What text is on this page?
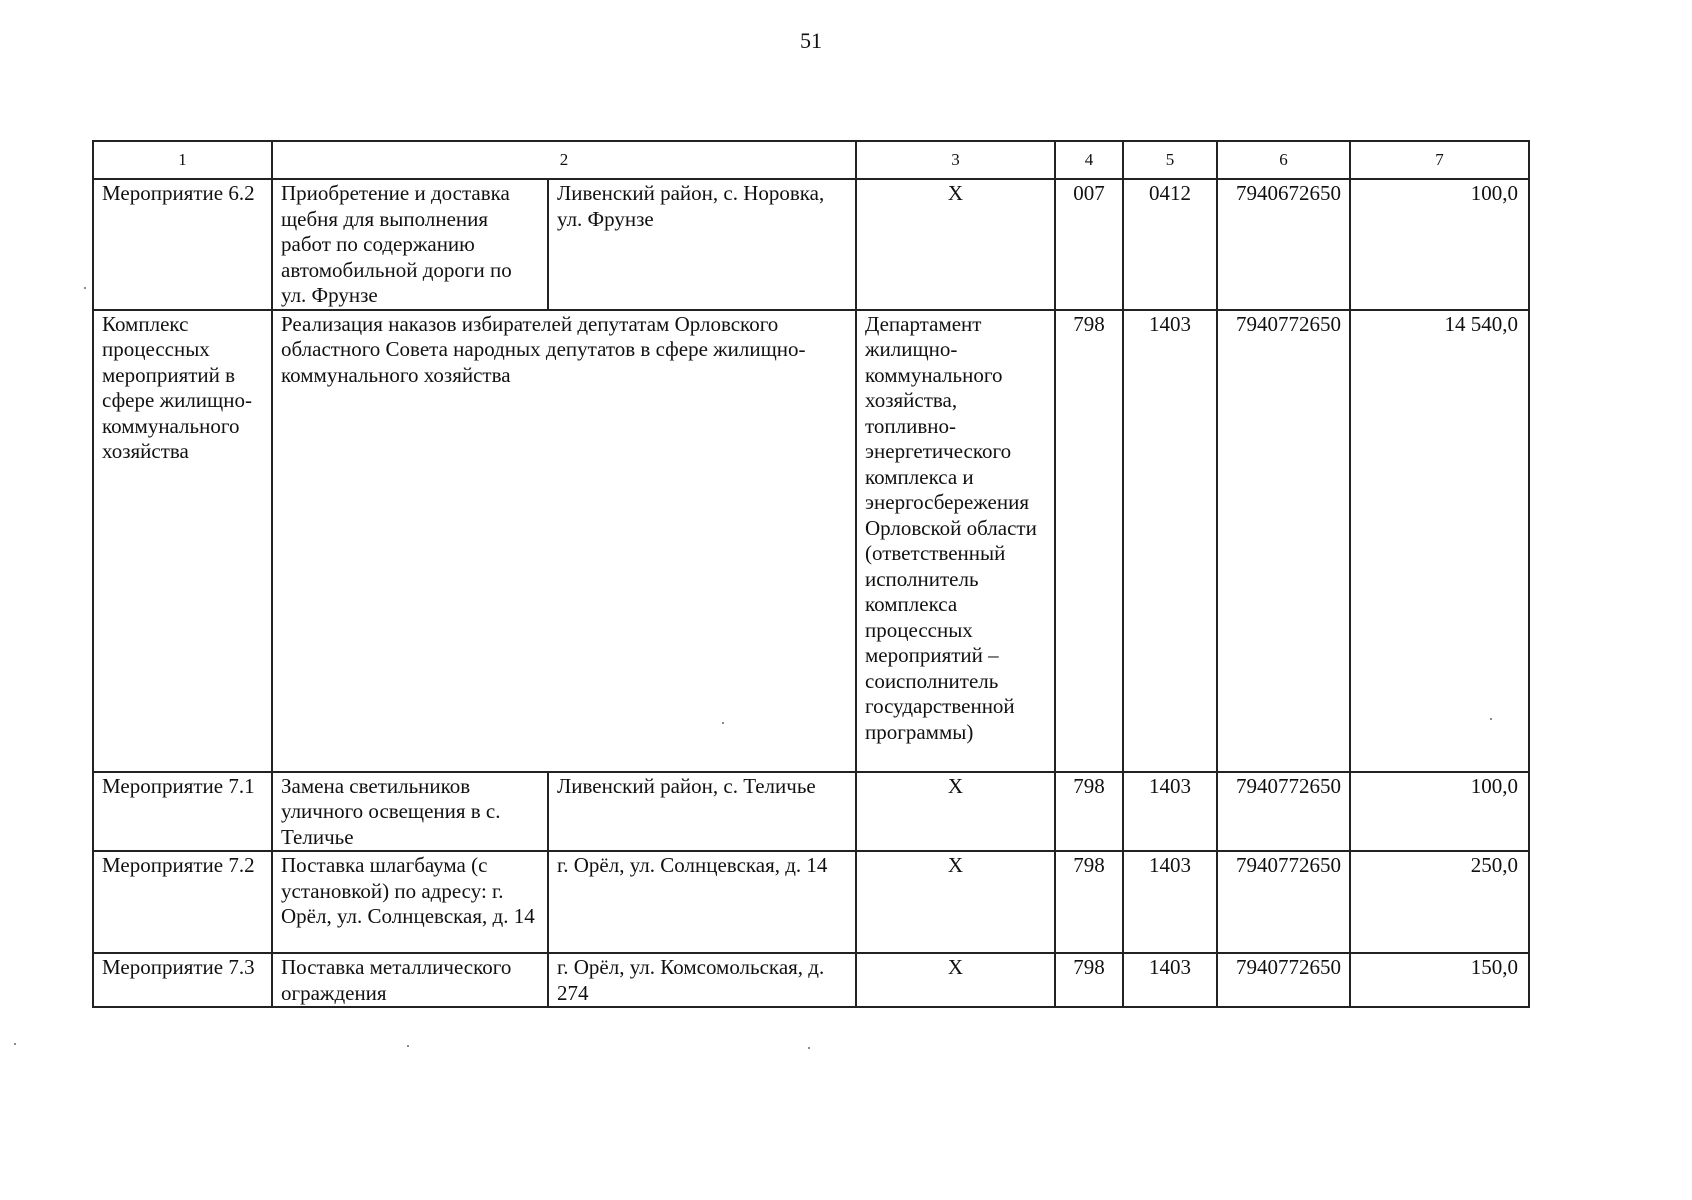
51
1	2		3	4	5	6	7
Мероприятие 6.2	Приобретение и доставка щебня для выполнения работ по содержанию автомобильной дороги по ул. Фрунзе	Ливенский район, с. Норовка, ул. Фрунзе	Х	007	0412	7940672650	100,0
Комплекс процессных мероприятий в сфере жилищно-коммунального хозяйства	Реализация наказов избирателей депутатам Орловского областного Совета народных депутатов в сфере жилищно-коммунального хозяйства		Департамент жилищно-коммунального хозяйства, топливно-энергетического комплекса и энергосбережения Орловской области (ответственный исполнитель комплекса процессных мероприятий – соисполнитель государственной программы)	798	1403	7940772650	14 540,0
Мероприятие 7.1	Замена светильников уличного освещения в с. Теличье	Ливенский район, с. Теличье	Х	798	1403	7940772650	100,0
Мероприятие 7.2	Поставка шлагбаума (с установкой) по адресу: г. Орёл, ул. Солнцевская, д. 14	г. Орёл, ул. Солнцевская, д. 14	Х	798	1403	7940772650	250,0
Мероприятие 7.3	Поставка металлического ограждения	г. Орёл, ул. Комсомольская, д. 274	Х	798	1403	7940772650	150,0
